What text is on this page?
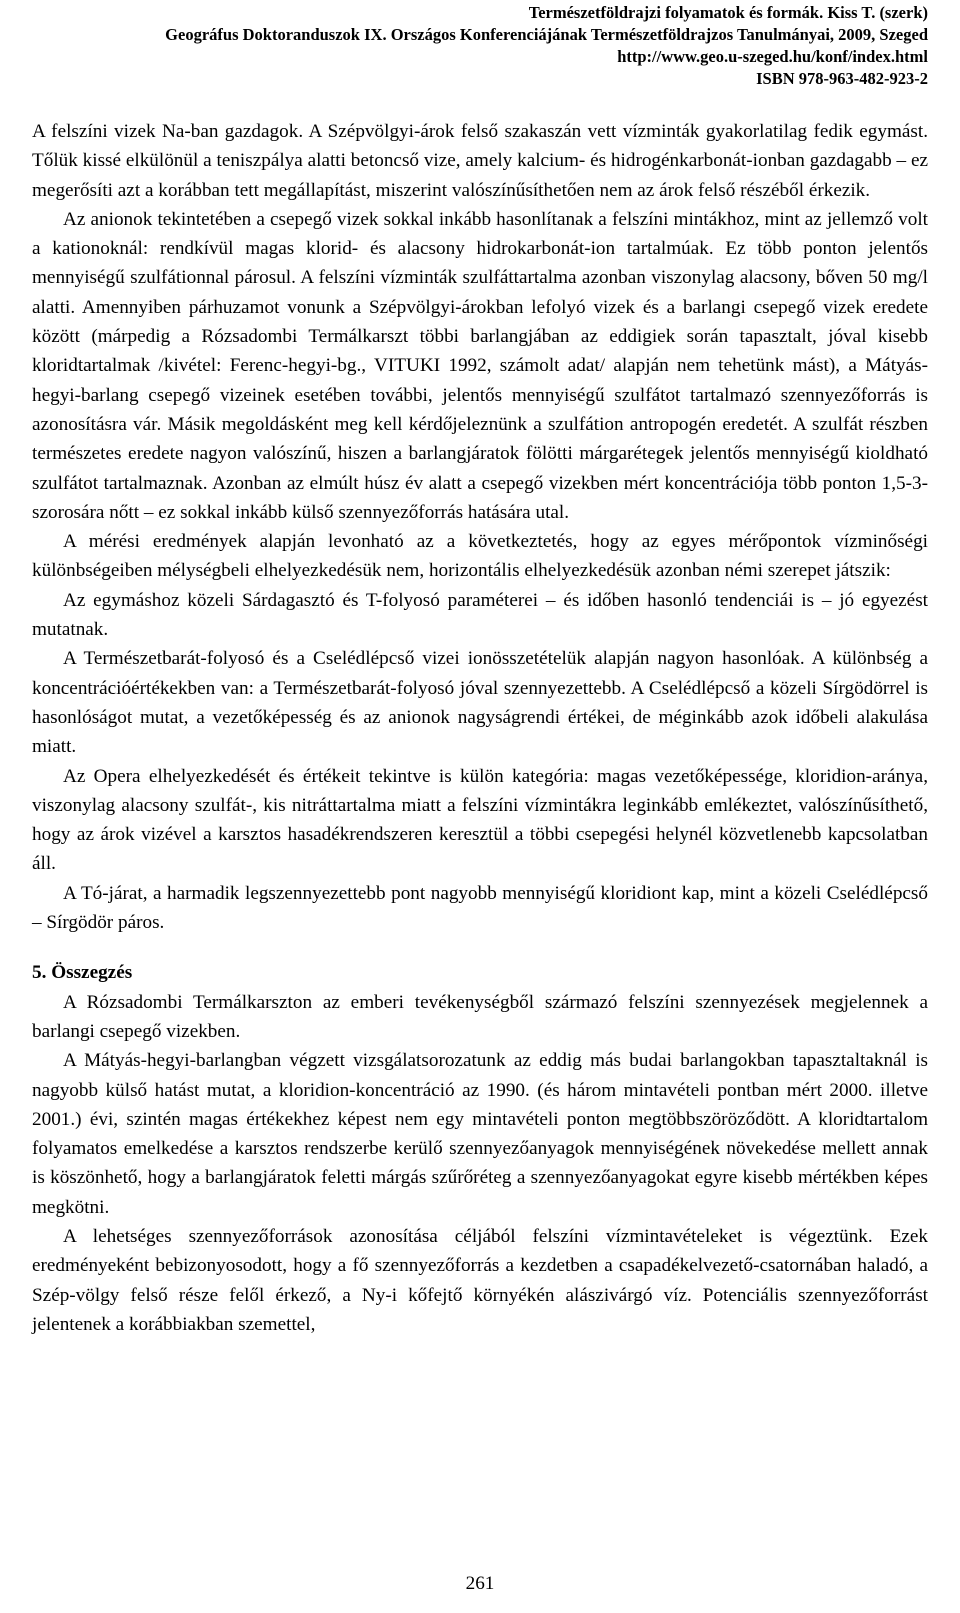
Természetföldrajzi folyamatok és formák. Kiss T. (szerk)
Geográfus Doktoranduszok IX. Országos Konferenciájának Természetföldrajzos Tanulmányai, 2009, Szeged
http://www.geo.u-szeged.hu/konf/index.html
ISBN 978-963-482-923-2

A felszíni vizek Na-ban gazdagok. A Szépvölgyi-árok felső szakaszán vett vízminták gyakorlatilag fedik egymást. Tőlük kissé elkülönül a teniszpálya alatti betoncső vize, amely kalcium- és hidrogénkarbonát-ionban gazdagabb – ez megerősíti azt a korábban tett megállapítást, miszerint valószínűsíthetően nem az árok felső részéből érkezik.

Az anionok tekintetében a csepegő vizek sokkal inkább hasonlítanak a felszíni mintákhoz, mint az jellemző volt a kationoknál: rendkívül magas klorid- és alacsony hidrokarbonát-ion tartalmúak. Ez több ponton jelentős mennyiségű szulfátionnal párosul. A felszíni vízminták szulfáttartalma azonban viszonylag alacsony, bőven 50 mg/l alatti. Amennyiben párhuzamot vonunk a Szépvölgyi-árokban lefolyó vizek és a barlangi csepegő vizek eredete között (márpedig a Rózsadombi Termálkarszt többi barlangjában az eddigiek során tapasztalt, jóval kisebb kloridtartalmak /kivétel: Ferenc-hegyi-bg., VITUKI 1992, számolt adat/ alapján nem tehetünk mást), a Mátyás-hegyi-barlang csepegő vizeinek esetében további, jelentős mennyiségű szulfátot tartalmazó szennyezőforrás is azonosításra vár. Másik megoldásként meg kell kérdőjeleznünk a szulfátion antropogén eredetét. A szulfát részben természetes eredete nagyon valószínű, hiszen a barlangjáratok fölötti márgarétegek jelentős mennyiségű kioldható szulfátot tartalmaznak. Azonban az elmúlt húsz év alatt a csepegő vizekben mért koncentrációja több ponton 1,5-3-szorosára nőtt – ez sokkal inkább külső szennyezőforrás hatására utal.

A mérési eredmények alapján levonható az a következtetés, hogy az egyes mérőpontok vízminőségi különbségeiben mélységbeli elhelyezkedésük nem, horizontális elhelyezkedésük azonban némi szerepet játszik:

Az egymáshoz közeli Sárdagasztó és T-folyosó paraméterei – és időben hasonló tendenciái is – jó egyezést mutatnak.

A Természetbarát-folyosó és a Cselédlépcső vizei ionösszetételük alapján nagyon hasonlóak. A különbség a koncentrációértékekben van: a Természetbarát-folyosó jóval szennyezettebb. A Cselédlépcső a közeli Sírgödörrel is hasonlóságot mutat, a vezetőképesség és az anionok nagyságrendi értékei, de méginkább azok időbeli alakulása miatt.

Az Opera elhelyezkedését és értékeit tekintve is külön kategória: magas vezetőképessége, kloridion-aránya, viszonylag alacsony szulfát-, kis nitráttartalma miatt a felszíni vízmintákra leginkább emlékeztet, valószínűsíthető, hogy az árok vizével a karsztos hasadékrendszeren keresztül a többi csepegési helynél közvetlenebb kapcsolatban áll.

A Tó-járat, a harmadik legszennyezettebb pont nagyobb mennyiségű kloridiont kap, mint a közeli Cselédlépcső – Sírgödör páros.

5. Összegzés

A Rózsadombi Termálkarszton az emberi tevékenységből származó felszíni szennyezések megjelennek a barlangi csepegő vizekben.

A Mátyás-hegyi-barlangban végzett vizsgálatsorozatunk az eddig más budai barlangokban tapasztaltaknál is nagyobb külső hatást mutat, a kloridion-koncentráció az 1990. (és három mintavételi pontban mért 2000. illetve 2001.) évi, szintén magas értékekhez képest nem egy mintavételi ponton megtöbbszöröződött. A kloridtartalom folyamatos emelkedése a karsztos rendszerbe kerülő szennyezőanyagok mennyiségének növekedése mellett annak is köszönhető, hogy a barlangjáratok feletti márgás szűrőréteg a szennyezőanyagokat egyre kisebb mértékben képes megkötni.

A lehetséges szennyezőforrások azonosítása céljából felszíni vízmintavételeket is végeztünk. Ezek eredményeként bebizonyosodott, hogy a fő szennyezőforrás a kezdetben a csapadékelvezető-csatornában haladó, a Szép-völgy felső része felől érkező, a Ny-i kőfejtő környékén alászivárgó víz. Potenciális szennyezőforrást jelentenek a korábbiakban szemettel,

261
